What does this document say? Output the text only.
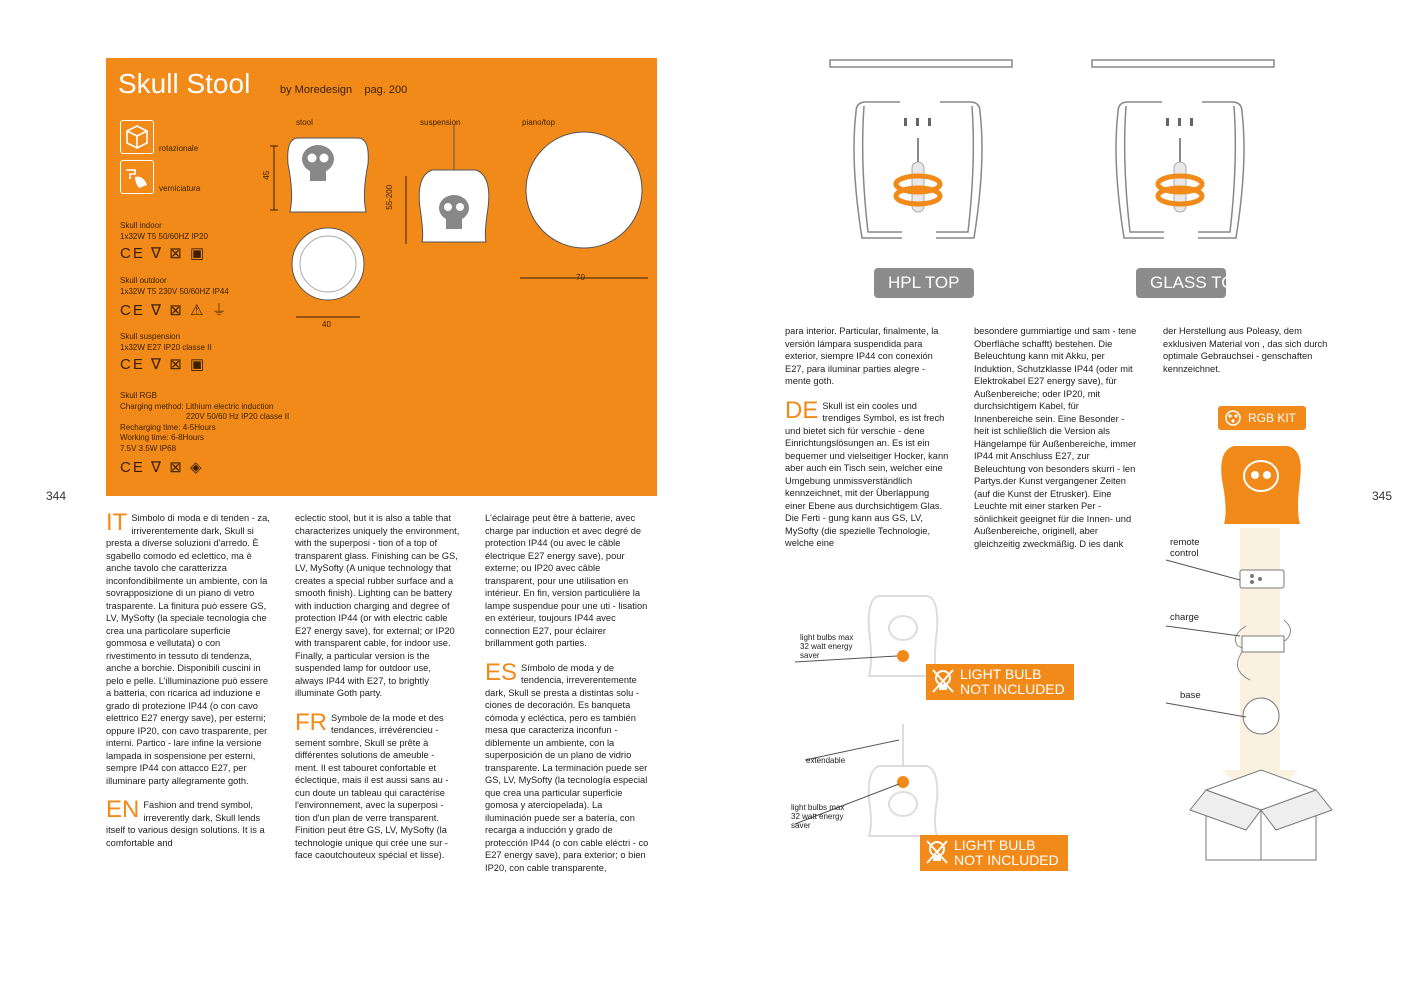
344
Skull Stool	by Moredesign pag. 200
rotazionale
verniciatura
Skull indoor
1x32W T5 50/60HZ IP20
CE ∇ ⊠ ▣
Skull outdoor
1x32W T5 230V 50/60HZ IP44
CE ∇ ⊠ ⚠ ⏚
Skull suspension
1x32W E27 IP20 classe II
CE ∇ ⊠ ▣
Skull RGB
Charging method: Lithium electric induction
220V 50/60 Hz IP20 classe II
Recharging time: 4-5Hours
Working time: 6-8Hours
7.5V 3.5W IP68
CE ∇ ⊠ ◈
stool	suspension	piano/top
45
40
55-200
70

IT Simbolo di moda e di tenden - za, irriverentemente dark, Skull si presta a diverse soluzioni d'arredo. È sgabello comodo ed eclettico, ma è anche tavolo che caratterizza inconfondibilmente un ambiente, con la sovrapposizione di un piano di vetro trasparente. La finitura può essere GS, LV, MySofty (la speciale tecnologia che crea una particolare superficie gommosa e vellutata) o con rivestimento in tessuto di tendenza, anche a borchie. Disponibili cuscini in pelo e pelle. L'illuminazione può essere a batteria, con ricarica ad induzione e grado di protezione IP44 (o con cavo elettrico E27 energy save), per esterni; oppure IP20, con cavo trasparente, per interni. Partico - lare infine la versione lampada in sospensione per esterni, sempre IP44 con attacco E27, per illuminare party allegramente goth.

EN Fashion and trend symbol, irreverently dark, Skull lends itself to various design solutions. It is a comfortable and

eclectic stool, but it is also a table that characterizes uniquely the environment, with the superposi - tion of a top of transparent glass. Finishing can be GS, LV, MySofty (A unique technology that creates a special rubber surface and a smooth finish). Lighting can be battery with induction charging and degree of protection IP44 (or with electric cable E27 energy save), for external; or IP20 with transparent cable, for indoor use. Finally, a particular version is the suspended lamp for outdoor use, always IP44 with E27, to brightly illuminate Goth party.

FR Symbole de la mode et des tendances, irrévérenciеu - sement sombre, Skull se prête à différentes solutions de ameuble - ment. Il est tabouret confortable et éclectique, mais il est aussi sans au - cun doute un tableau qui caractérise l'environnement, avec la superposi - tion d'un plan de verre transparent. Finition peut être GS, LV, MySofty (la technologie unique qui crée une sur - face caoutchouteux spécial et lisse).

L'éclairage peut être à batterie, avec charge par induction et avec degré de protection IP44 (ou avec le câble électrique E27 energy save), pour externe; ou IP20 avec câble transparent, pour une utilisation en intérieur. En fin, version particulière la lampe suspendue pour une uti - lisation en extérieur, toujours IP44 avec connection E27, pour éclairer brillamment goth parties.

ES Símbolo de moda y de tendencia, irreverentemente dark, Skull se presta a distintas solu - ciones de decoración. Es banqueta cómoda y ecléctica, pero es también mesa que caracteriza inconfun - diblemente un ambiente, con la superposición de un plano de vidrio transparente. La terminación puede ser GS, LV, MySofty (la tecnología especial que crea una particular superficie gomosa y aterciopelada). La iluminación puede ser a batería, con recarga a inducción y grado de protección IP44 (o con cable eléctri - co E27 energy save), para exterior; o bien IP20, con cable transparente,

345
HPL TOP	GLASS TOP

para interior. Particular, finalmente, la versión lámpara suspendida para exterior, siempre IP44 con conexión E27, para iluminar parties alegre - mente goth.

DE Skull ist ein cooles und trendiges Symbol, es ist frech und bietet sich für verschie - dene Einrichtungslösungen an. Es ist ein bequemer und vielseitiger Hocker, kann aber auch ein Tisch sein, welcher eine Umgebung unmissverständlich kennzeichnet, mit der Überlappung einer Ebene aus durchsichtigem Glas. Die Ferti - gung kann aus GS, LV, MySofty (die spezielle Technologie, welche eine

besondere gummiartige und sam - tene Oberfläche schafft) bestehen. Die Beleuchtung kann mit Akku, per Induktion, Schutzklasse IP44 (oder mit Elektrokabel E27 energy save), für Außenbereiche; oder IP20, mit durchsichtigem Kabel, für Innenbereiche sein. Eine Besonder - heit ist schließlich die Version als Hängelampe für Außenbereiche, immer IP44 mit Anschluss E27, zur Beleuchtung von besonders skurri - len Partys.der Kunst vergangener Zeiten (auf die Kunst der Etrusker). Eine Leuchte mit einer starken Per - sönlichkeit geeignet für die Innen- und Außenbereiche, originell, aber gleichzeitig zweckmäßig. D ies dank

der Herstellung aus Poleasy, dem exklusiven Material von , das sich durch optimale Gebrauchsei - genschaften kennzeichnet.

light bulbs max 32 watt energy saver
LIGHT BULB NOT INCLUDED
extendable
light bulbs max 32 watt energy saver
LIGHT BULB NOT INCLUDED
RGB KIT
remote control
charge
base
